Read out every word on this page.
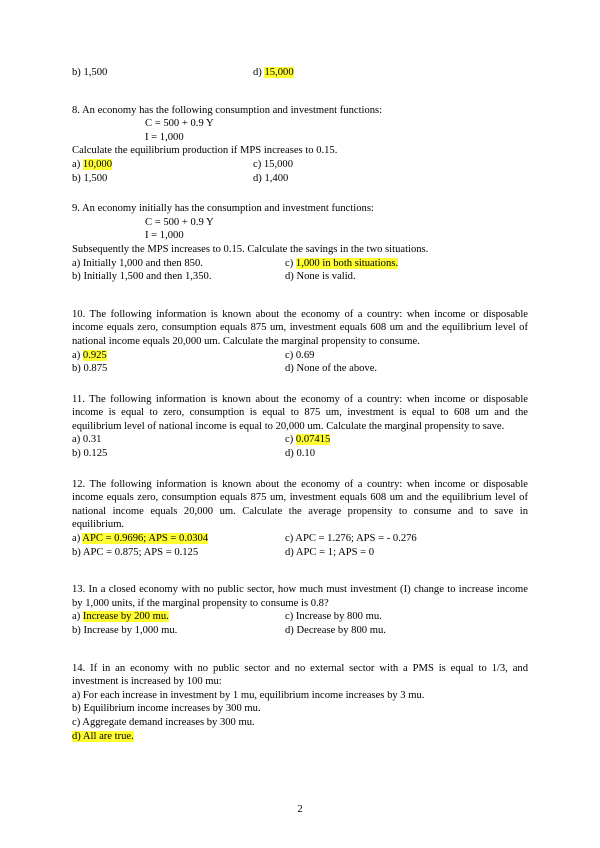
b) 1,500	d) 15,000
8. An economy has the following consumption and investment functions:
C = 500 + 0.9 Y
I = 1,000
Calculate the equilibrium production if MPS increases to 0.15.
a) 10,000	c) 15,000
b) 1,500	d) 1,400
9. An economy initially has the consumption and investment functions:
C = 500 + 0.9 Y
I = 1,000
Subsequently the MPS increases to 0.15. Calculate the savings in the two situations.
a) Initially 1,000 and then 850.	c) 1,000 in both situations.
b) Initially 1,500 and then 1,350.	d) None is valid.
10. The following information is known about the economy of a country: when income or disposable income equals zero, consumption equals 875 um, investment equals 608 um and the equilibrium level of national income equals 20,000 um. Calculate the marginal propensity to consume.
a) 0.925	c) 0.69
b) 0.875	d) None of the above.
11. The following information is known about the economy of a country: when income or disposable income is equal to zero, consumption is equal to 875 um, investment is equal to 608 um and the equilibrium level of national income is equal to 20,000 um. Calculate the marginal propensity to save.
a) 0.31	c) 0.07415
b) 0.125	d) 0.10
12. The following information is known about the economy of a country: when income or disposable income equals zero, consumption equals 875 um, investment equals 608 um and the equilibrium level of national income equals 20,000 um. Calculate the average propensity to consume and to save in equilibrium.
a) APC = 0.9696; APS = 0.0304	c) APC = 1.276; APS = - 0.276
b) APC = 0.875; APS = 0.125	d) APC = 1; APS = 0
13. In a closed economy with no public sector, how much must investment (I) change to increase income by 1,000 units, if the marginal propensity to consume is 0.8?
a) Increase by 200 mu.	c) Increase by 800 mu.
b) Increase by 1,000 mu.	d) Decrease by 800 mu.
14. If in an economy with no public sector and no external sector with a PMS is equal to 1/3, and investment is increased by 100 mu:
a) For each increase in investment by 1 mu, equilibrium income increases by 3 mu.
b) Equilibrium income increases by 300 mu.
c) Aggregate demand increases by 300 mu.
d) All are true.
2
